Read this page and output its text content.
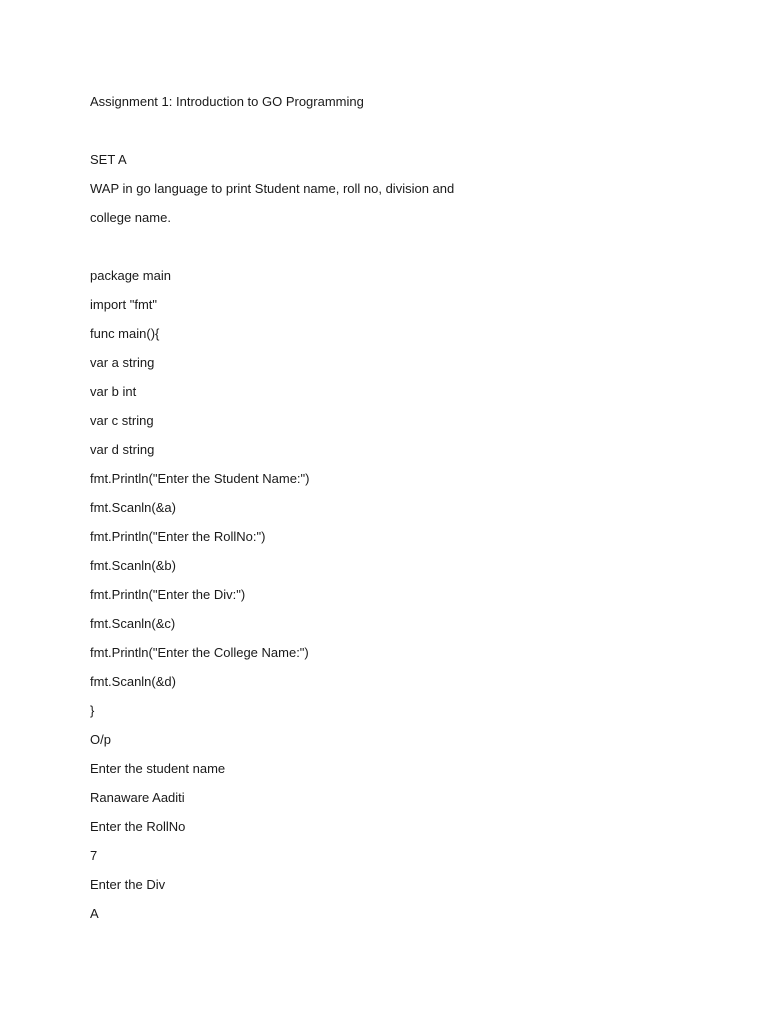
Assignment 1: Introduction to GO Programming
SET A
WAP in go language to print Student name, roll no, division and
college name.
package main
import "fmt"
func main(){
var a string
var b int
var c string
var d string
fmt.Println("Enter the Student Name:")
fmt.Scanln(&a)
fmt.Println("Enter the RollNo:")
fmt.Scanln(&b)
fmt.Println("Enter the Div:")
fmt.Scanln(&c)
fmt.Println("Enter the College Name:")
fmt.Scanln(&d)
}
O/p
Enter the student name
Ranaware Aaditi
Enter the RollNo
7
Enter the Div
A
